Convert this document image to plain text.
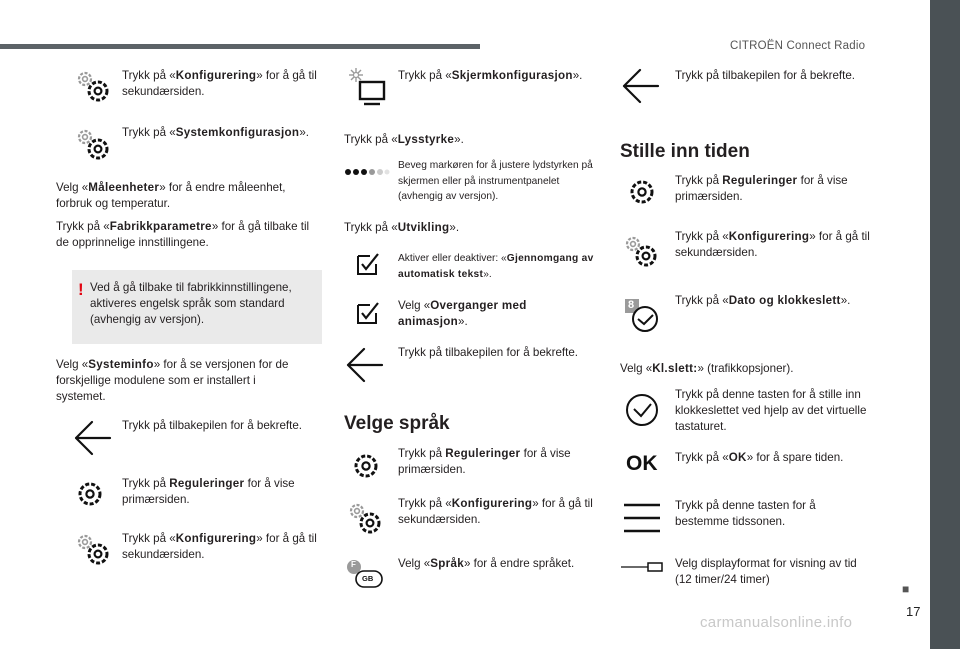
CITROËN Connect Radio
Trykk på «Konfigurering» for å gå til sekundærsiden.
Trykk på «Systemkonfigurasjon».
Velg «Måleenheter» for å endre måleenhet, forbruk og temperatur.
Trykk på «Fabrikkparametre» for å gå tilbake til de opprinnelige innstillingene.
! Ved å gå tilbake til fabrikkinnstillingene, aktiveres engelsk språk som standard (avhengig av versjon).
Velg «Systeminfo» for å se versjonen for de forskjellige modulene som er installert i systemet.
Trykk på tilbakepilen for å bekrefte.
Trykk på Reguleringer for å vise primærsiden.
Trykk på «Konfigurering» for å gå til sekundærsiden.
Trykk på «Skjermkonfigurasjon».
Trykk på «Lysstyrke».
Beveg markøren for å justere lydstyrken på skjermen eller på instrumentpanelet (avhengig av versjon).
Trykk på «Utvikling».
Aktiver eller deaktiver: «Gjennomgang av automatisk tekst».
Velg «Overganger med animasjon».
Trykk på tilbakepilen for å bekrefte.
Velge språk
Trykk på Reguleringer for å vise primærsiden.
Trykk på «Konfigurering» for å gå til sekundærsiden.
F
GB
Velg «Språk» for å endre språket.
Trykk på tilbakepilen for å bekrefte.
Stille inn tiden
Trykk på Reguleringer for å vise primærsiden.
Trykk på «Konfigurering» for å gå til sekundærsiden.
8	Trykk på «Dato og klokkeslett».
Velg «Kl.slett:» (trafikkopsjoner).
Trykk på denne tasten for å stille inn klokkeslettet ved hjelp av det virtuelle tastaturet.
OK Trykk på «OK» for å spare tiden.
Trykk på denne tasten for å bestemme tidssonen.
Velg displayformat for visning av tid (12 timer/24 timer)
■
17
carmanualsonline.info
